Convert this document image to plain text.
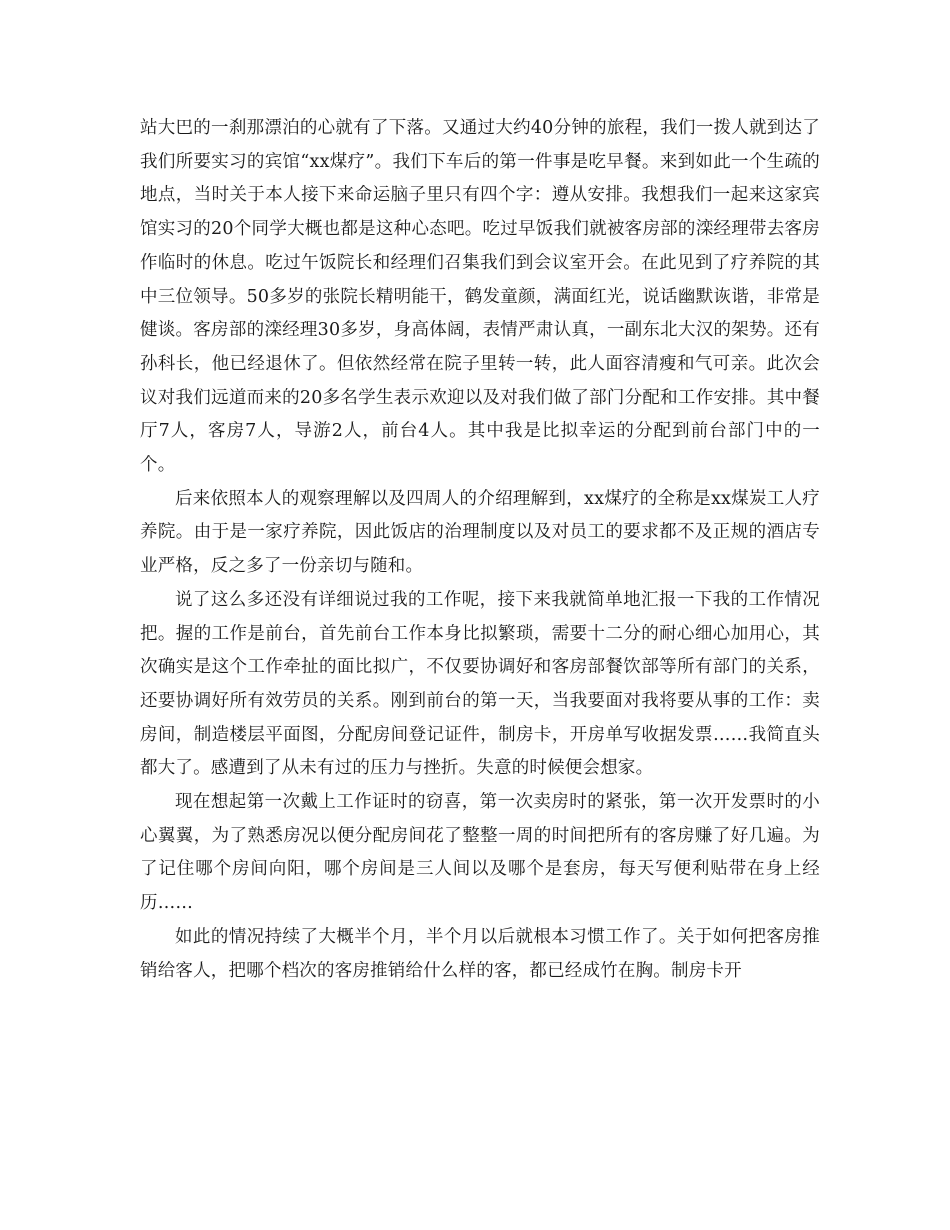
站大巴的一刹那漂泊的心就有了下落。又通过大约40分钟的旅程，我们一拨人就到达了我们所要实习的宾馆“xx煤疗”。我们下车后的第一件事是吃早餐。来到如此一个生疏的地点，当时关于本人接下来命运脑子里只有四个字：遵从安排。我想我们一起来这家宾馆实习的20个同学大概也都是这种心态吧。吃过早饭我们就被客房部的滦经理带去客房作临时的休息。吃过午饭院长和经理们召集我们到会议室开会。在此见到了疗养院的其中三位领导。50多岁的张院长精明能干，鹤发童颜，满面红光，说话幽默诙谐，非常是健谈。客房部的滦经理30多岁，身高体阔，表情严肃认真，一副东北大汉的架势。还有孙科长，他已经退休了。但依然经常在院子里转一转，此人面容清瘦和气可亲。此次会议对我们远道而来的20多名学生表示欢迎以及对我们做了部门分配和工作安排。其中餐厅7人，客房7人，导游2人，前台4人。其中我是比拟幸运的分配到前台部门中的一个。

后来依照本人的观察理解以及四周人的介绍理解到，xx煤疗的全称是xx煤炭工人疗养院。由于是一家疗养院，因此饭店的治理制度以及对员工的要求都不及正规的酒店专业严格，反之多了一份亲切与随和。

说了这么多还没有详细说过我的工作呢，接下来我就简单地汇报一下我的工作情况把。握的工作是前台，首先前台工作本身比拟繁琐，需要十二分的耐心细心加用心，其次确实是这个工作牵扯的面比拟广，不仅要协调好和客房部餐饮部等所有部门的关系，还要协调好所有效劳员的关系。刚到前台的第一天，当我要面对我将要从事的工作：卖房间，制造楼层平面图，分配房间登记证件，制房卡，开房单写收据发票……我简直头都大了。感遭到了从未有过的压力与挫折。失意的时候便会想家。

现在想起第一次戴上工作证时的窃喜，第一次卖房时的紧张，第一次开发票时的小心翼翼，为了熟悉房况以便分配房间花了整整一周的时间把所有的客房赚了好几遍。为了记住哪个房间向阳，哪个房间是三人间以及哪个是套房，每天写便利贴带在身上经历……

如此的情况持续了大概半个月，半个月以后就根本习惯工作了。关于如何把客房推销给客人，把哪个档次的客房推销给什么样的客，都已经成竹在胸。制房卡开
